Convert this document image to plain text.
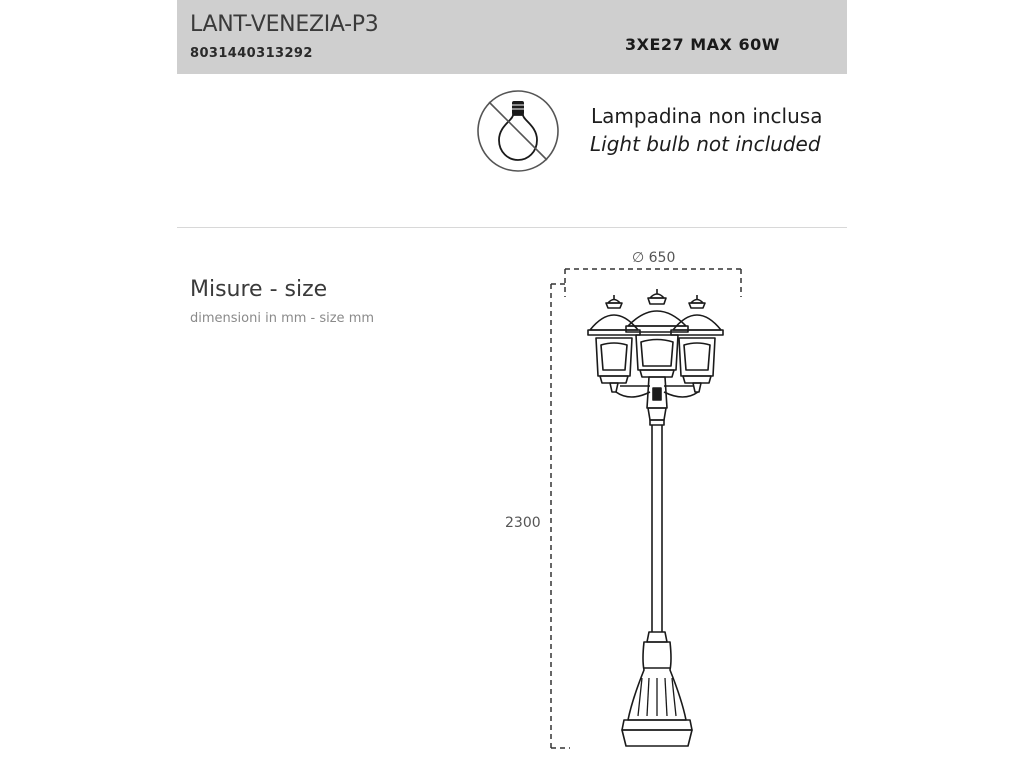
LANT-VENEZIA-P3
8031440313292	3XE27 MAX 60W
Lampadina non inclusa
Light bulb not included
Misure - size
dimensioni in mm - size mm
∅ 650
2300
